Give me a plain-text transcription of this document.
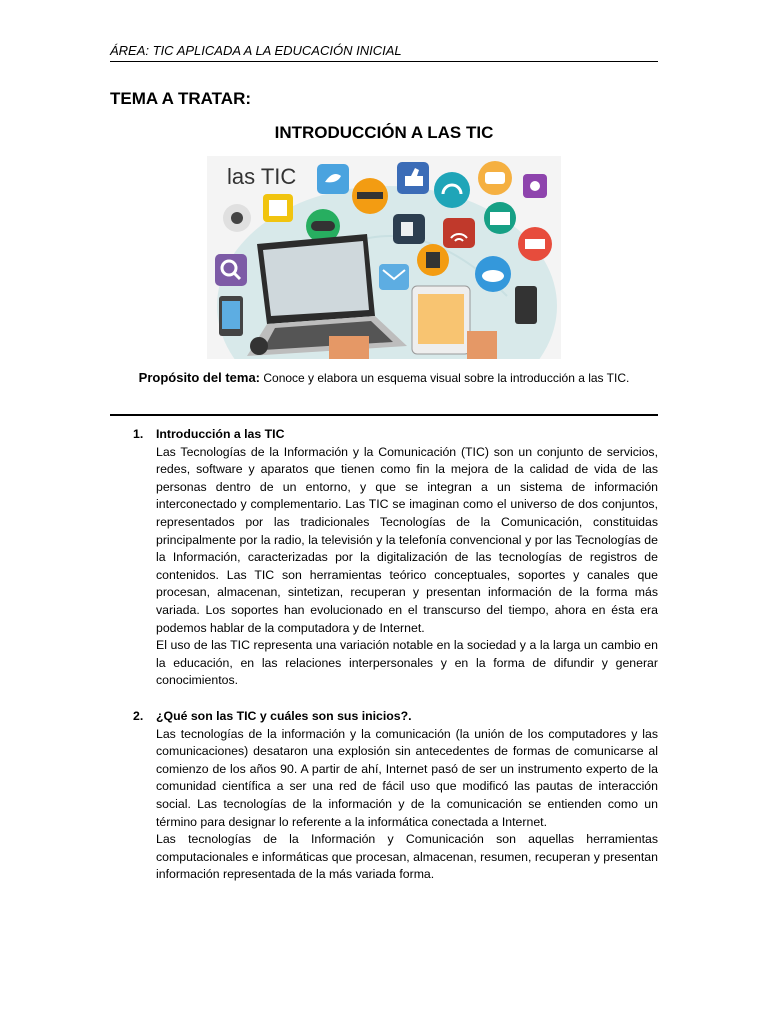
ÁREA: TIC APLICADA A LA EDUCACIÓN INICIAL
TEMA A TRATAR:
INTRODUCCIÓN A LAS TIC
las TIC
Propósito del tema: Conoce y elabora un esquema visual sobre la introducción a las TIC.
1. Introducción a las TIC

Las Tecnologías de la Información y la Comunicación (TIC) son un conjunto de servicios, redes, software y aparatos que tienen como fin la mejora de la calidad de vida de las personas dentro de un entorno, y que se integran a un sistema de información interconectado y complementario. Las TIC se imaginan como el universo de dos conjuntos, representados por las tradicionales Tecnologías de la Comunicación, constituidas principalmente por la radio, la televisión y la telefonía convencional y por las Tecnologías de la Información, caracterizadas por la digitalización de las tecnologías de registros de contenidos. Las TIC son herramientas teórico conceptuales, soportes y canales que procesan, almacenan, sintetizan, recuperan y presentan información de la forma más variada. Los soportes han evolucionado en el transcurso del tiempo, ahora en ésta era podemos hablar de la computadora y de Internet.

El uso de las TIC representa una variación notable en la sociedad y a la larga un cambio en la educación, en las relaciones interpersonales y en la forma de difundir y generar conocimientos.

2. ¿Qué son las TIC y cuáles son sus inicios?.

Las tecnologías de la información y la comunicación (la unión de los computadores y las comunicaciones) desataron una explosión sin antecedentes de formas de comunicarse al comienzo de los años 90. A partir de ahí, Internet pasó de ser un instrumento experto de la comunidad científica a ser una red de fácil uso que modificó las pautas de interacción social. Las tecnologías de la información y de la comunicación se entienden como un término para designar lo referente a la informática conectada a Internet.

Las tecnologías de la Información y Comunicación son aquellas herramientas computacionales e informáticas que procesan, almacenan, resumen, recuperan y presentan información representada de la más variada forma.
